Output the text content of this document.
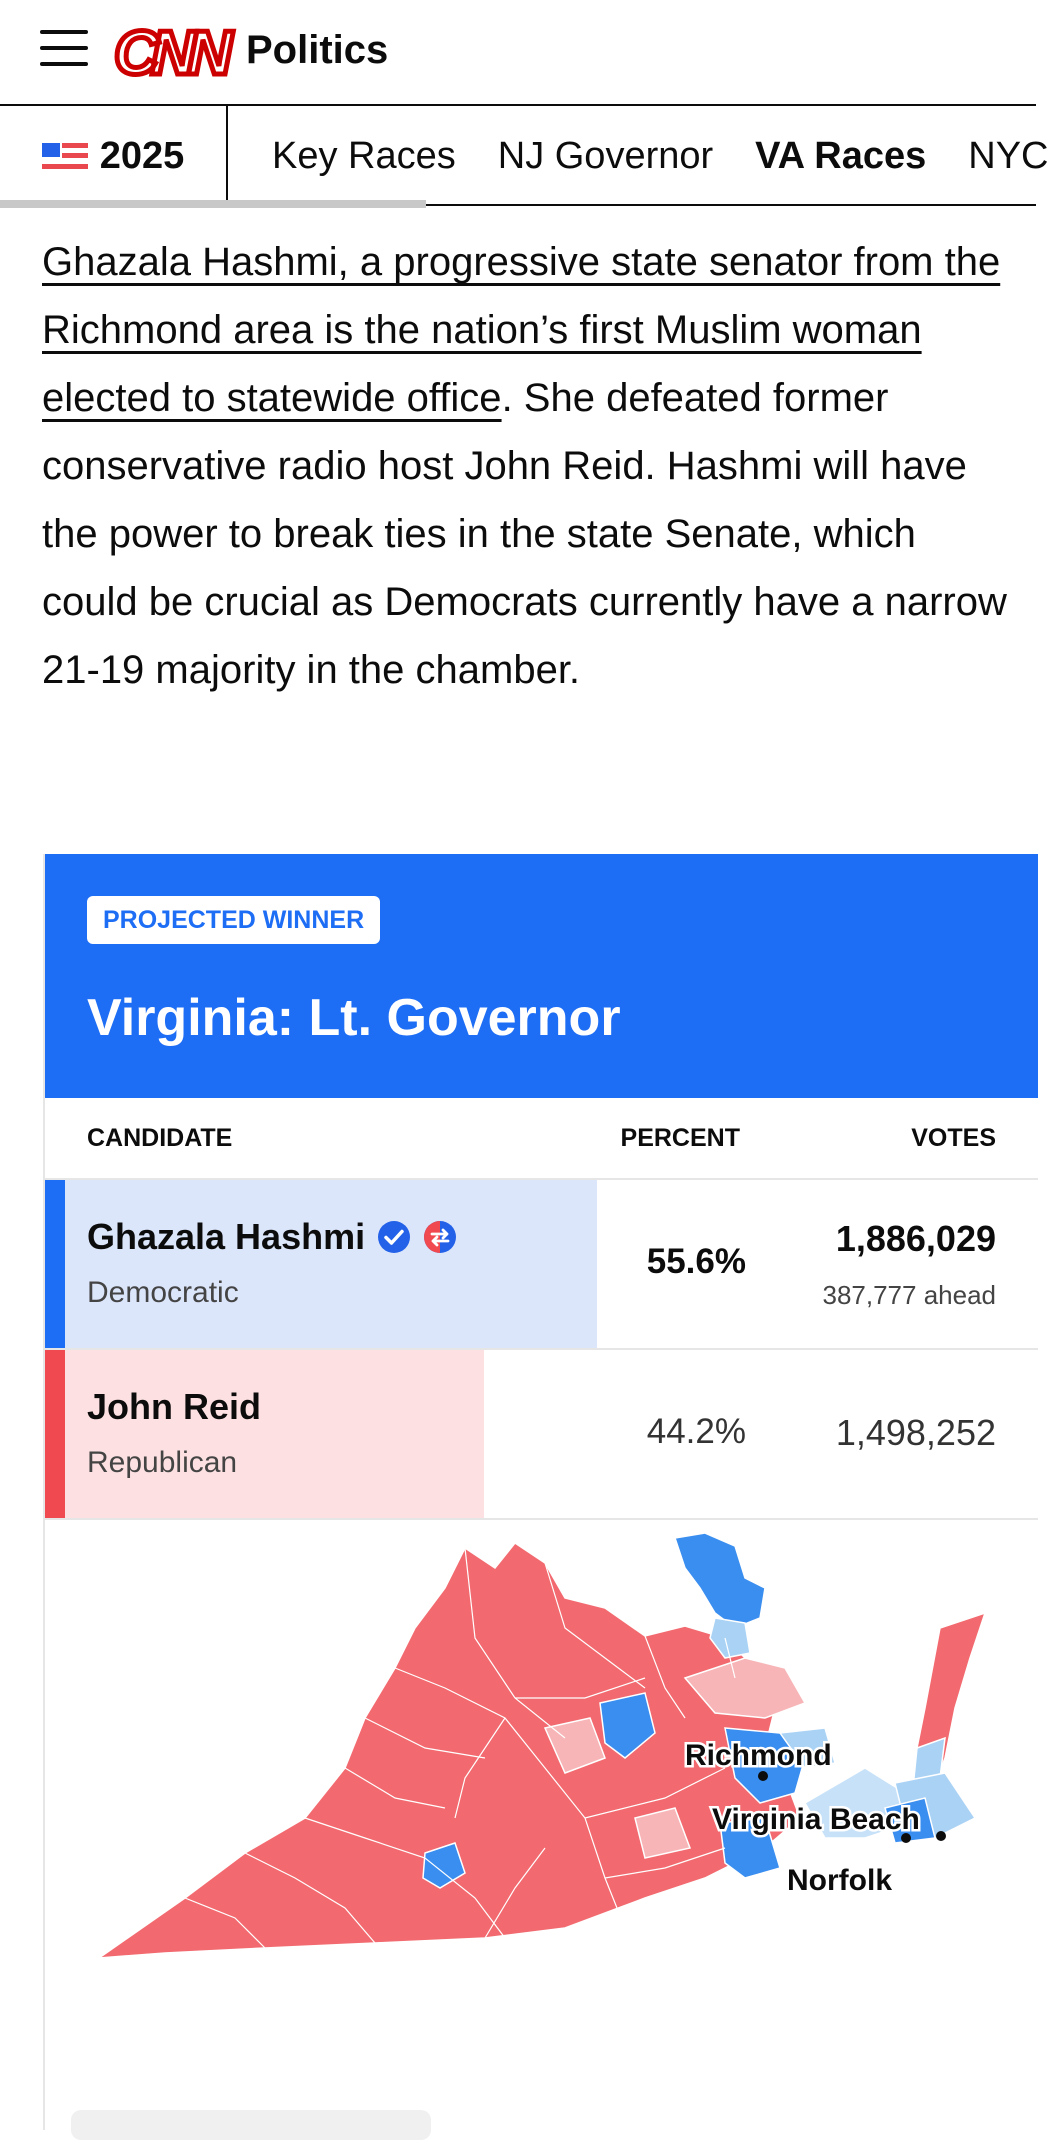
CNN Politics
2025 Key Races NJ Governor VA Races NYC

Ghazala Hashmi, a progressive state senator from the Richmond area is the nation’s first Muslim woman elected to statewide office. She defeated former conservative radio host John Reid. Hashmi will have the power to break ties in the state Senate, which could be crucial as Democrats currently have a narrow 21-19 majority in the chamber.

PROJECTED WINNER
Virginia: Lt. Governor
CANDIDATE	PERCENT	VOTES
Ghazala Hashmi
Democratic
55.6%
1,886,029
387,777 ahead
John Reid
Republican
44.2% 1,498,252
Richmond
Virginia Beach
Norfolk
